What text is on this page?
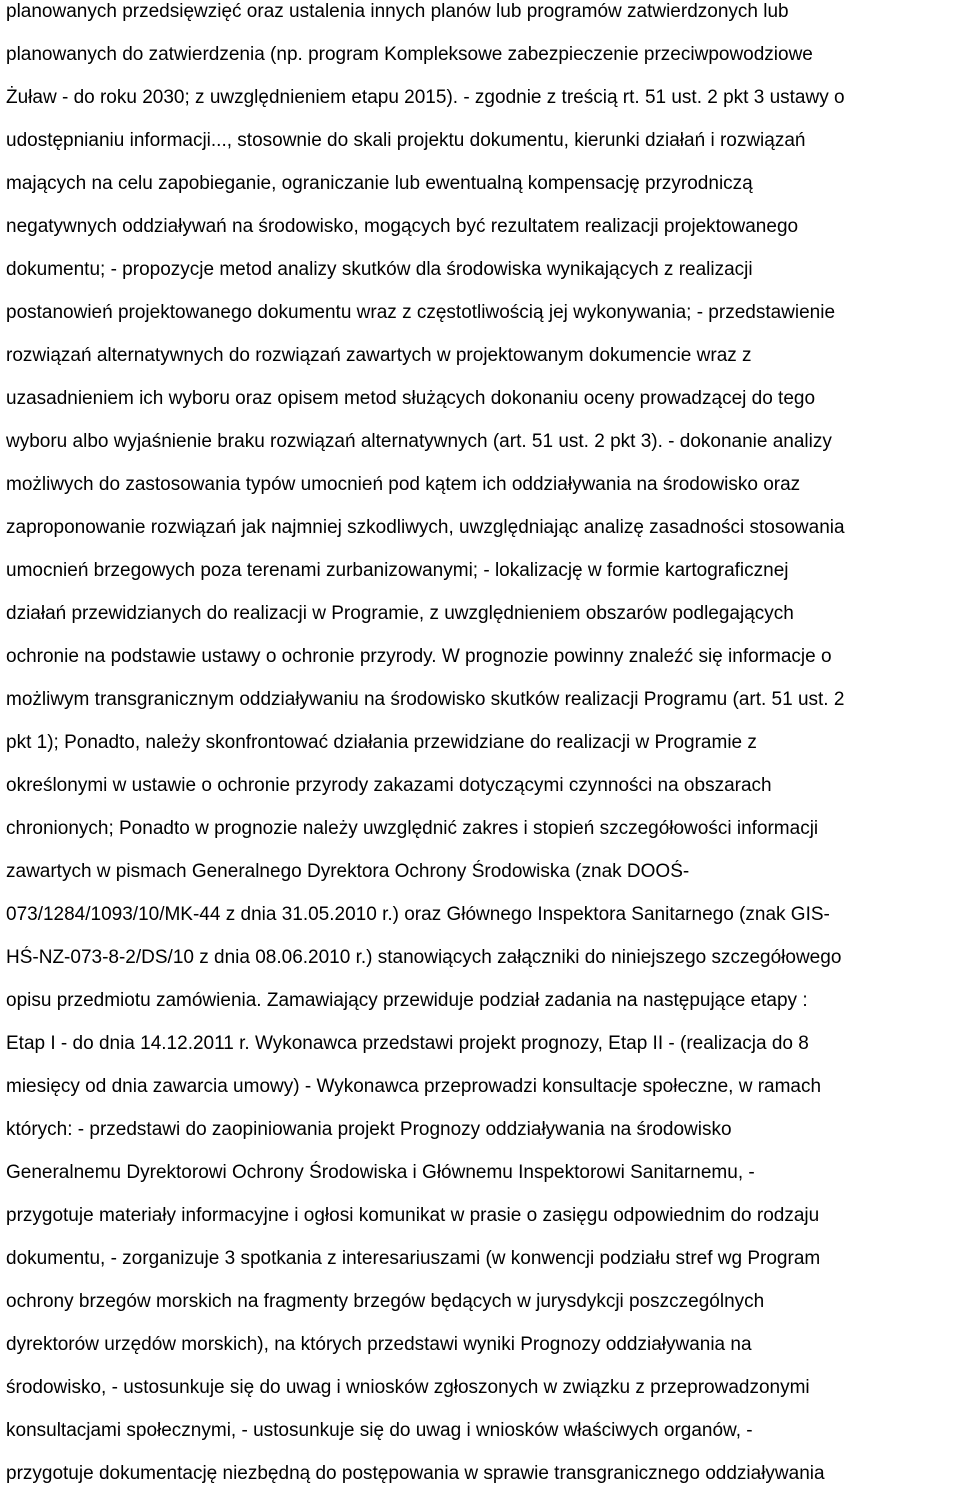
planowanych przedsięwzięć oraz ustalenia innych planów lub programów zatwierdzonych lub
planowanych do zatwierdzenia (np. program Kompleksowe zabezpieczenie przeciwpowodziowe
Żuław - do roku 2030; z uwzględnieniem etapu 2015). - zgodnie z treścią rt. 51 ust. 2 pkt 3 ustawy o
udostępnianiu informacji..., stosownie do skali projektu dokumentu, kierunki działań i rozwiązań
mających na celu zapobieganie, ograniczanie lub ewentualną kompensację przyrodniczą
negatywnych oddziaływań na środowisko, mogących być rezultatem realizacji projektowanego
dokumentu; - propozycje metod analizy skutków dla środowiska wynikających z realizacji
postanowień projektowanego dokumentu wraz z częstotliwością jej wykonywania; - przedstawienie
rozwiązań alternatywnych do rozwiązań zawartych w projektowanym dokumencie wraz z
uzasadnieniem ich wyboru oraz opisem metod służących dokonaniu oceny prowadzącej do tego
wyboru albo wyjaśnienie braku rozwiązań alternatywnych (art. 51 ust. 2 pkt 3). - dokonanie analizy
możliwych do zastosowania typów umocnień pod kątem ich oddziaływania na środowisko oraz
zaproponowanie rozwiązań jak najmniej szkodliwych, uwzględniając analizę zasadności stosowania
umocnień brzegowych poza terenami zurbanizowanymi; - lokalizację w formie kartograficznej
działań przewidzianych do realizacji w Programie, z uwzględnieniem obszarów podlegających
ochronie na podstawie ustawy o ochronie przyrody. W prognozie powinny znaleźć się informacje o
możliwym transgranicznym oddziaływaniu na środowisko skutków realizacji Programu (art. 51 ust. 2
pkt 1); Ponadto, należy skonfrontować działania przewidziane do realizacji w Programie z
określonymi w ustawie o ochronie przyrody zakazami dotyczącymi czynności na obszarach
chronionych; Ponadto w prognozie należy uwzględnić zakres i stopień szczegółowości informacji
zawartych w pismach Generalnego Dyrektora Ochrony Środowiska (znak DOOŚ-
073/1284/1093/10/MK-44 z dnia 31.05.2010 r.) oraz Głównego Inspektora Sanitarnego (znak GIS-
HŚ-NZ-073-8-2/DS/10 z dnia 08.06.2010 r.) stanowiących załączniki do niniejszego szczegółowego
opisu przedmiotu zamówienia. Zamawiający przewiduje podział zadania na następujące etapy :
Etap I - do dnia 14.12.2011 r. Wykonawca przedstawi projekt prognozy, Etap II - (realizacja do 8
miesięcy od dnia zawarcia umowy) - Wykonawca przeprowadzi konsultacje społeczne, w ramach
których: - przedstawi do zaopiniowania projekt Prognozy oddziaływania na środowisko
Generalnemu Dyrektorowi Ochrony Środowiska i Głównemu Inspektorowi Sanitarnemu, -
przygotuje materiały informacyjne i ogłosi komunikat w prasie o zasięgu odpowiednim do rodzaju
dokumentu, - zorganizuje 3 spotkania z interesariuszami (w konwencji podziału stref wg Program
ochrony brzegów morskich na fragmenty brzegów będących w jurysdykcji poszczególnych
dyrektorów urzędów morskich), na których przedstawi wyniki Prognozy oddziaływania na
środowisko, - ustosunkuje się do uwag i wniosków zgłoszonych w związku z przeprowadzonymi
konsultacjami społecznymi, - ustosunkuje się do uwag i wniosków właściwych organów, -
przygotuje dokumentację niezbędną do postępowania w sprawie transgranicznego oddziaływania
